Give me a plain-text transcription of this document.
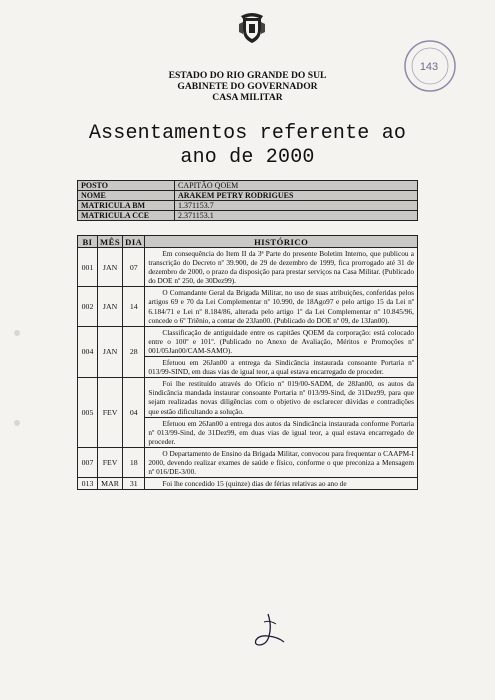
143
ESTADO DO RIO GRANDE DO SUL
GABINETE DO GOVERNADOR
CASA MILITAR
Assentamentos referente ao
ano de 2000
POSTO	CAPITÃO QOEM
NOME	ARAKEM PETRY RODRIGUES
MATRICULA BM	1.371153.7
MATRICULA CCE	2.371153.1
BI	MÊS	DIA	HISTÓRICO
001	JAN	07	Em consequência do Item II da 3ª Parte do presente Boletim Interno, que publicou a transcrição do Decreto nº 39.900, de 29 de dezembro de 1999, fica prorrogado até 31 de dezembro de 2000, o prazo da disposição para prestar serviços na Casa Militar. (Publicado do DOE nº 250, de 30Dez99).
002	JAN	14	O Comandante Geral da Brigada Militar, no uso de suas atribuições, conferidas pelos artigos 69 e 70 da Lei Complementar nº 10.990, de 18Ago97 e pelo artigo 15 da Lei nº 6.184/71 e Lei nº 8.184/86, alterada pelo artigo 1º da Lei Complementar nº 10.845/96, concede o 6º Triênio, a contar de 23Jan00. (Publicado do DOE nº 09, de 13Jan00).
004	JAN	28	Classificação de antiguidade entre os capitães QOEM da corporação: está colocado entre o 100º e 101º. (Publicado no Anexo de Avaliação, Méritos e Promoções nº 001/05Jan00/CAM-SAMO).
			Efetuou em 26Jan00 a entrega da Sindicância instaurada consoante Portaria nº 013/99-SIND, em duas vias de igual teor, a qual estava encarregado de proceder.
005	FEV	04	Foi lhe restituído através do Ofício nº 019/00-SADM, de 28Jan00, os autos da Sindicância mandada instaurar consoante Portaria nº 013/99-Sind, de 31Dez99, para que sejam realizadas novas diligências com o objetivo de esclarecer dúvidas e contradições que estão dificultando a solução.
			Efetuou em 26Jan00 a entrega dos autos da Sindicância instaurada conforme Portaria nº 013/99-Sind, de 31Dez99, em duas vias de igual teor, a qual estava encarregado de proceder.
007	FEV	18	O Departamento de Ensino da Brigada Militar, convocou para frequentar o CAAPM-I 2000, devendo realizar exames de saúde e físico, conforme o que preconiza a Mensagem nº 016/DE-3/00.
013	MAR	31	Foi lhe concedido 15 (quinze) dias de férias relativas ao ano de
